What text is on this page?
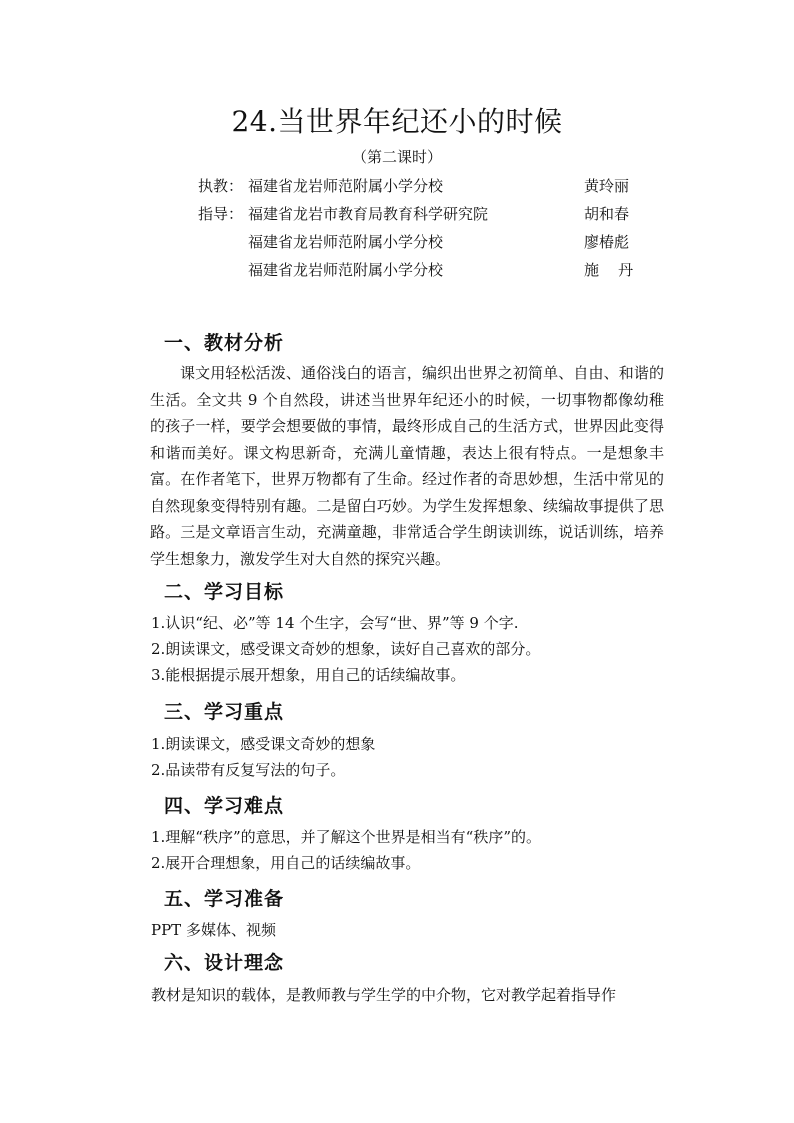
24.当世界年纪还小的时候
（第二课时）
执教： 福建省龙岩师范附属小学分校	黄玲丽
指导： 福建省龙岩市教育局教育科学研究院	胡和春
福建省龙岩师范附属小学分校	廖椿彪
福建省龙岩师范附属小学分校	施    丹
一、教材分析

课文用轻松活泼、通俗浅白的语言，编织出世界之初简单、自由、和谐的生活。全文共 9 个自然段，讲述当世界年纪还小的时候，一切事物都像幼稚的孩子一样，要学会想要做的事情，最终形成自己的生活方式，世界因此变得和谐而美好。课文构思新奇，充满儿童情趣，表达上很有特点。一是想象丰富。在作者笔下，世界万物都有了生命。经过作者的奇思妙想，生活中常见的自然现象变得特别有趣。二是留白巧妙。为学生发挥想象、续编故事提供了思路。三是文章语言生动，充满童趣，非常适合学生朗读训练，说话训练，培养学生想象力，激发学生对大自然的探究兴趣。

二、学习目标
1.认识“纪、必”等 14 个生字，会写“世、界”等 9 个字.
2.朗读课文，感受课文奇妙的想象，读好自己喜欢的部分。
3.能根据提示展开想象，用自己的话续编故事。
三、学习重点
1.朗读课文，感受课文奇妙的想象
2.品读带有反复写法的句子。
四、学习难点
1.理解“秩序”的意思，并了解这个世界是相当有“秩序”的。
2.展开合理想象，用自己的话续编故事。
五、学习准备
PPT 多媒体、视频
六、设计理念
教材是知识的载体，是教师教与学生学的中介物，它对教学起着指导作
